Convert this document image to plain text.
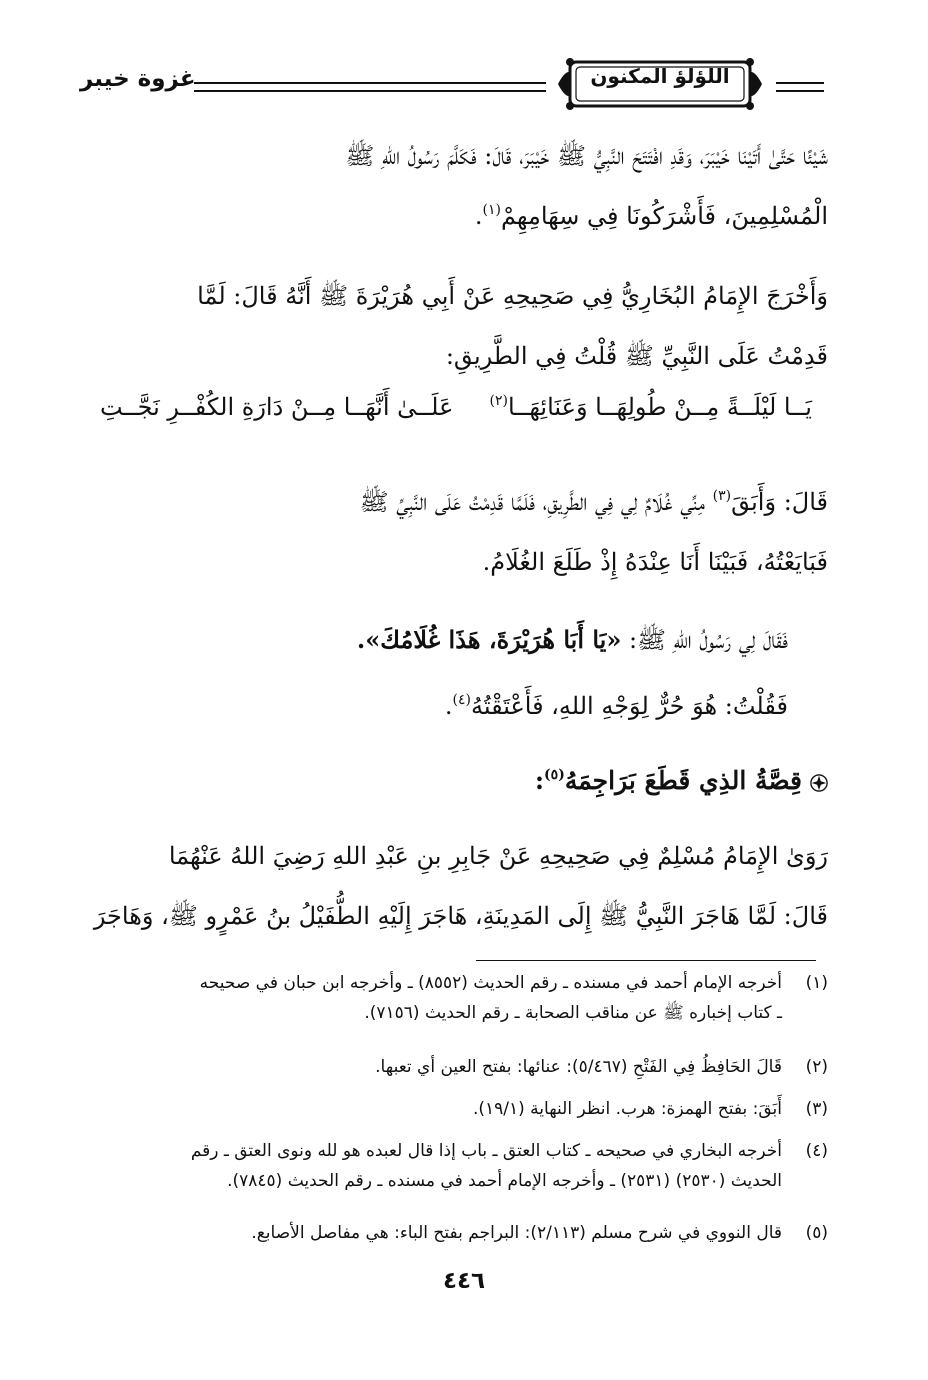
غزوة خيبر	اللؤلؤ المكنون
شَيْئًا حَتَّىٰ أَتَيْنَا خَيْبَرَ، وَقَدِ افْتَتَحَ النَّبِيُّ ﷺ خَيْبَرَ، قَالَ: فَكَلَّمَ رَسُولُ اللهِ ﷺ
الْمُسْلِمِينَ، فَأَشْرَكُونَا فِي سِهَامِهِمْ$^{(١)}$.
وَأَخْرَجَ الإِمَامُ البُخَارِيُّ فِي صَحِيحِهِ عَنْ أَبِي هُرَيْرَةَ ﷺ أَنَّهُ قَالَ: لَمَّا
قَدِمْتُ عَلَى النَّبِيِّ ﷺ قُلْتُ فِي الطَّرِيقِ:
يَــا لَيْلَــةً مِــنْ طُولِهَــا وَعَنَائِهَــا$^{(٢)}$
عَلَــىٰ أَنَّهَــا مِــنْ دَارَةِ الكُفْــرِ نَجَّــتِ
قَالَ: وَأَبَقَ$^{(٣)}$ مِنِّي غُلَامٌ لِي فِي الطَّرِيقِ، فَلَمَّا قَدِمْتُ عَلَى النَّبِيِّ ﷺ
فَبَايَعْتُهُ، فَبَيْنَا أَنَا عِنْدَهُ إِذْ طَلَعَ الغُلَامُ.
فَقَالَ لِي رَسُولُ اللهِ ﷺ: «يَا أَبَا هُرَيْرَةَ، هَذَا غُلَامُكَ».
فَقُلْتُ: هُوَ حُرٌّ لِوَجْهِ اللهِ، فَأَعْتَقْتُهُ$^{(٤)}$.
قِصَّةُ الذِي قَطَعَ بَرَاجِمَهُ$^{(٥)}$:
رَوَىٰ الإِمَامُ مُسْلِمٌ فِي صَحِيحِهِ عَنْ جَابِرِ بنِ عَبْدِ اللهِ رَضِيَ اللهُ عَنْهُمَا
قَالَ: لَمَّا هَاجَرَ النَّبِيُّ ﷺ إِلَى المَدِينَةِ، هَاجَرَ إِلَيْهِ الطُّفَيْلُ بنُ عَمْرٍو ﷺ، وَهَاجَرَ
(١)
أخرجه الإمام أحمد في مسنده ـ رقم الحديث (٨٥٥٢) ـ وأخرجه ابن حبان في صحيحه
ـ كتاب إخباره ﷺ عن مناقب الصحابة ـ رقم الحديث (٧١٥٦).
(٢)
قَالَ الحَافِظُ فِي الفَتْحِ (٥/٤٦٧): عنائها: بفتح العين أي تعبها.
(٣)
أَبَقَ: بفتح الهمزة: هرب. انظر النهاية (١٩/١).
(٤)
أخرجه البخاري في صحيحه ـ كتاب العتق ـ باب إذا قال لعبده هو لله ونوى العتق ـ رقم
الحديث (٢٥٣٠) (٢٥٣١) ـ وأخرجه الإمام أحمد في مسنده ـ رقم الحديث (٧٨٤٥).
(٥)
قال النووي في شرح مسلم (٢/١١٣): البراجم بفتح الباء: هي مفاصل الأصابع.
٤٤٦
